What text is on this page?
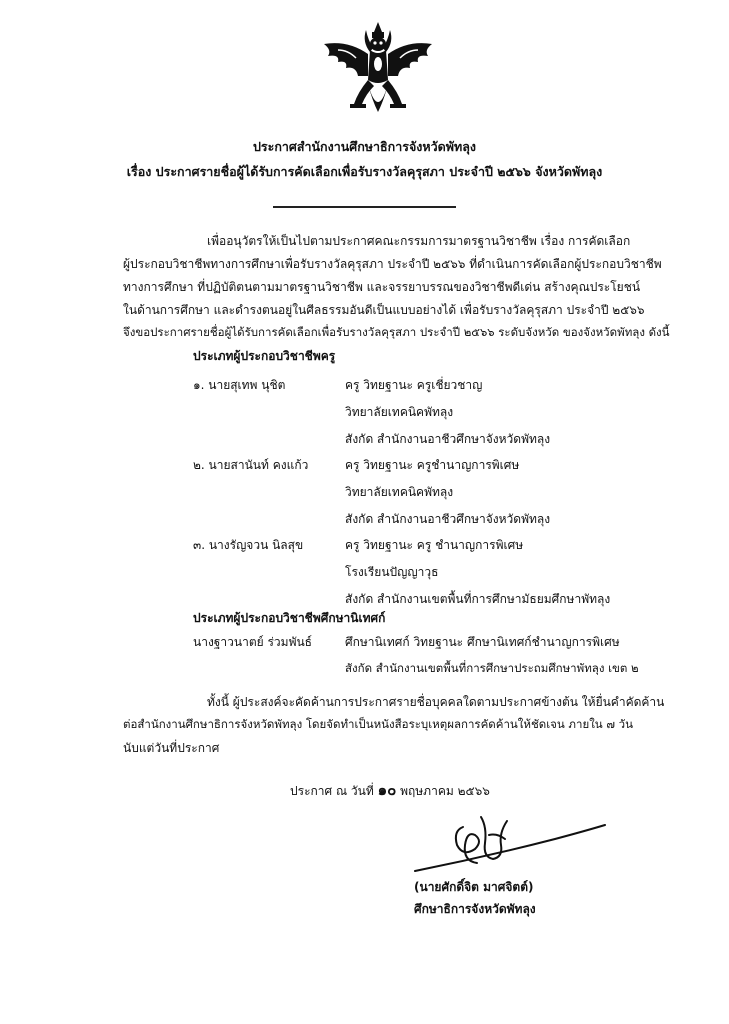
ประกาศสำนักงานศึกษาธิการจังหวัดพัทลุง
เรื่อง ประกาศรายชื่อผู้ได้รับการคัดเลือกเพื่อรับรางวัลคุรุสภา ประจำปี ๒๕๖๖ จังหวัดพัทลุง
เพื่ออนุวัตรให้เป็นไปตามประกาศคณะกรรมการมาตรฐานวิชาชีพ เรื่อง การคัดเลือก
ผู้ประกอบวิชาชีพทางการศึกษาเพื่อรับรางวัลคุรุสภา ประจำปี ๒๕๖๖ ที่ดำเนินการคัดเลือกผู้ประกอบวิชาชีพ
ทางการศึกษา ที่ปฏิบัติตนตามมาตรฐานวิชาชีพ และจรรยาบรรณของวิชาชีพดีเด่น สร้างคุณประโยชน์
ในด้านการศึกษา และดำรงตนอยู่ในศีลธรรมอันดีเป็นแบบอย่างได้ เพื่อรับรางวัลคุรุสภา ประจำปี ๒๕๖๖
จึงขอประกาศรายชื่อผู้ได้รับการคัดเลือกเพื่อรับรางวัลคุรุสภา ประจำปี ๒๕๖๖ ระดับจังหวัด ของจังหวัดพัทลุง ดังนี้
ประเภทผู้ประกอบวิชาชีพครู
๑. นายสุเทพ นุชิต	ครู วิทยฐานะ ครูเชี่ยวชาญ
วิทยาลัยเทคนิคพัทลุง
สังกัด สำนักงานอาชีวศึกษาจังหวัดพัทลุง
๒. นายสานันท์ คงแก้ว	ครู วิทยฐานะ ครูชำนาญการพิเศษ
วิทยาลัยเทคนิคพัทลุง
สังกัด สำนักงานอาชีวศึกษาจังหวัดพัทลุง
๓. นางรัญจวน นิลสุข	ครู วิทยฐานะ ครู ชำนาญการพิเศษ
โรงเรียนปัญญาวุธ
สังกัด สำนักงานเขตพื้นที่การศึกษามัธยมศึกษาพัทลุง
ประเภทผู้ประกอบวิชาชีพศึกษานิเทศก์
นางฐาวนาตย์ ร่วมพันธ์	ศึกษานิเทศก์ วิทยฐานะ ศึกษานิเทศก์ชำนาญการพิเศษ
สังกัด สำนักงานเขตพื้นที่การศึกษาประถมศึกษาพัทลุง เขต ๒
ทั้งนี้ ผู้ประสงค์จะคัดค้านการประกาศรายชื่อบุคคลใดตามประกาศข้างต้น ให้ยื่นคำคัดค้าน
ต่อสำนักงานศึกษาธิการจังหวัดพัทลุง โดยจัดทำเป็นหนังสือระบุเหตุผลการคัดค้านให้ชัดเจน ภายใน ๗ วัน
นับแต่วันที่ประกาศ
ประกาศ ณ วันที่ ๑๐ พฤษภาคม ๒๕๖๖
(นายศักดิ์จิต มาศจิตต์)
ศึกษาธิการจังหวัดพัทลุง
